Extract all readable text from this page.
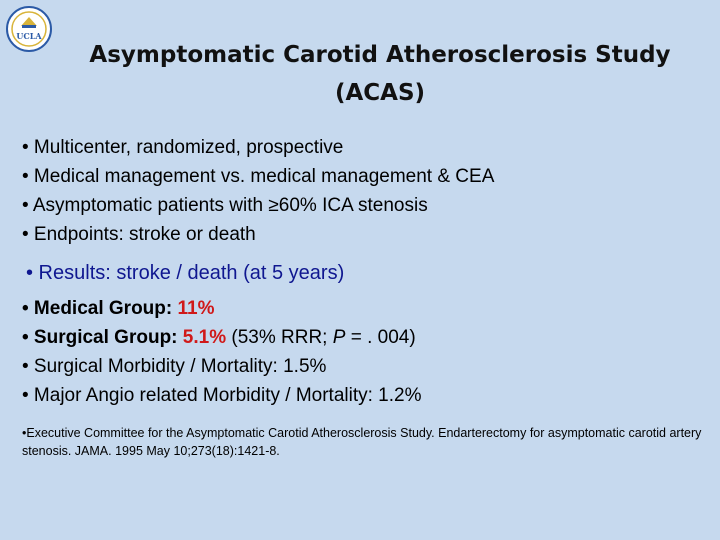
UCLA
Asymptomatic Carotid Atherosclerosis Study
(ACAS)
• Multicenter, randomized, prospective
• Medical management vs. medical management & CEA
• Asymptomatic patients with ≥60% ICA stenosis
• Endpoints: stroke or death
• Results: stroke / death (at 5 years)
• Medical Group: 11%
• Surgical Group: 5.1% (53% RRR; P = . 004)
• Surgical Morbidity / Mortality: 1.5%
• Major Angio related Morbidity / Mortality: 1.2%
•Executive Committee for the Asymptomatic Carotid Atherosclerosis Study. Endarterectomy for asymptomatic carotid artery stenosis. JAMA. 1995 May 10;273(18):1421-8.
